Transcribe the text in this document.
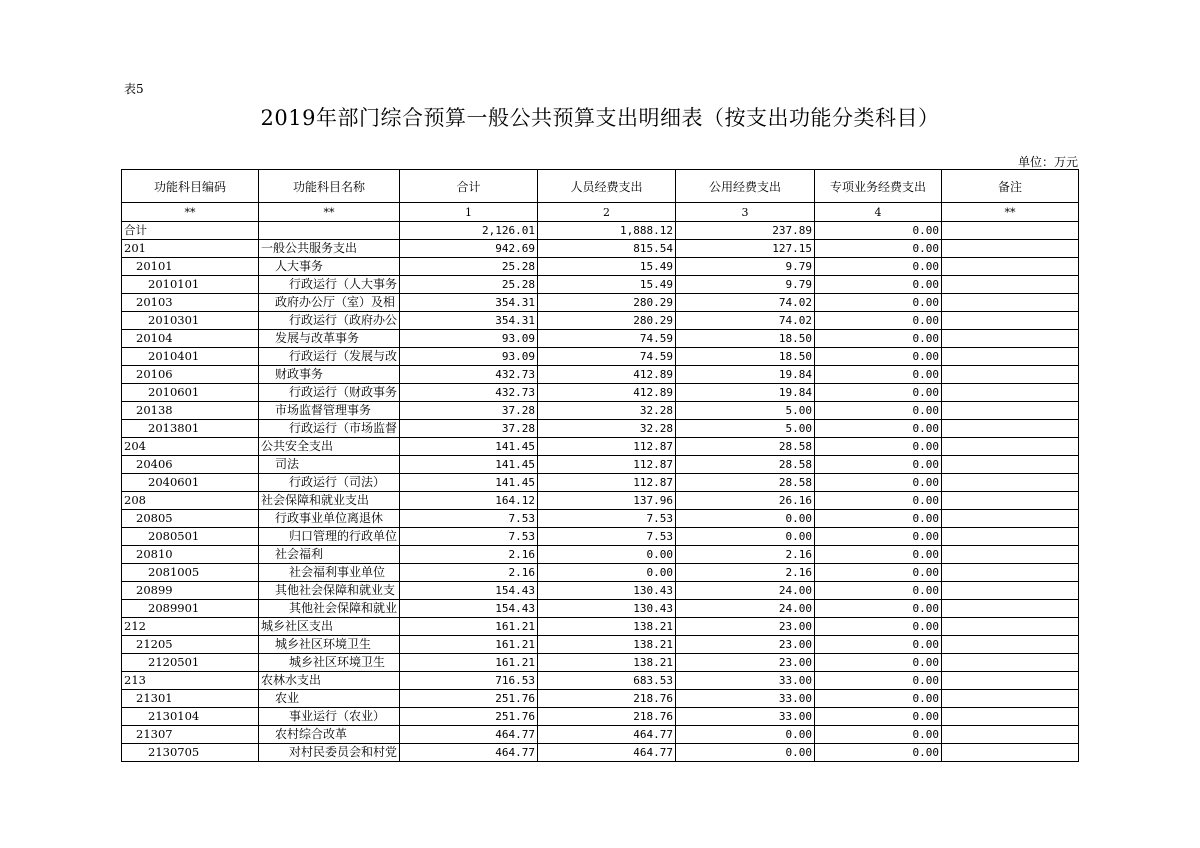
表5
2019年部门综合预算一般公共预算支出明细表（按支出功能分类科目）
单位：万元
功能科目编码	功能科目名称	合计	人员经费支出	公用经费支出	专项业务经费支出	备注
**	**	1	2	3	4	**
合计		2,126.01	1,888.12	237.89	0.00	
201	一般公共服务支出	942.69	815.54	127.15	0.00	
20101	人大事务	25.28	15.49	9.79	0.00	
2010101	行政运行（人大事务	25.28	15.49	9.79	0.00	
20103	政府办公厅（室）及相	354.31	280.29	74.02	0.00	
2010301	行政运行（政府办公	354.31	280.29	74.02	0.00	
20104	发展与改革事务	93.09	74.59	18.50	0.00	
2010401	行政运行（发展与改	93.09	74.59	18.50	0.00	
20106	财政事务	432.73	412.89	19.84	0.00	
2010601	行政运行（财政事务	432.73	412.89	19.84	0.00	
20138	市场监督管理事务	37.28	32.28	5.00	0.00	
2013801	行政运行（市场监督	37.28	32.28	5.00	0.00	
204	公共安全支出	141.45	112.87	28.58	0.00	
20406	司法	141.45	112.87	28.58	0.00	
2040601	行政运行（司法）	141.45	112.87	28.58	0.00	
208	社会保障和就业支出	164.12	137.96	26.16	0.00	
20805	行政事业单位离退休	7.53	7.53	0.00	0.00	
2080501	归口管理的行政单位	7.53	7.53	0.00	0.00	
20810	社会福利	2.16	0.00	2.16	0.00	
2081005	社会福利事业单位	2.16	0.00	2.16	0.00	
20899	其他社会保障和就业支	154.43	130.43	24.00	0.00	
2089901	其他社会保障和就业	154.43	130.43	24.00	0.00	
212	城乡社区支出	161.21	138.21	23.00	0.00	
21205	城乡社区环境卫生	161.21	138.21	23.00	0.00	
2120501	城乡社区环境卫生	161.21	138.21	23.00	0.00	
213	农林水支出	716.53	683.53	33.00	0.00	
21301	农业	251.76	218.76	33.00	0.00	
2130104	事业运行（农业）	251.76	218.76	33.00	0.00	
21307	农村综合改革	464.77	464.77	0.00	0.00	
2130705	对村民委员会和村党	464.77	464.77	0.00	0.00	
